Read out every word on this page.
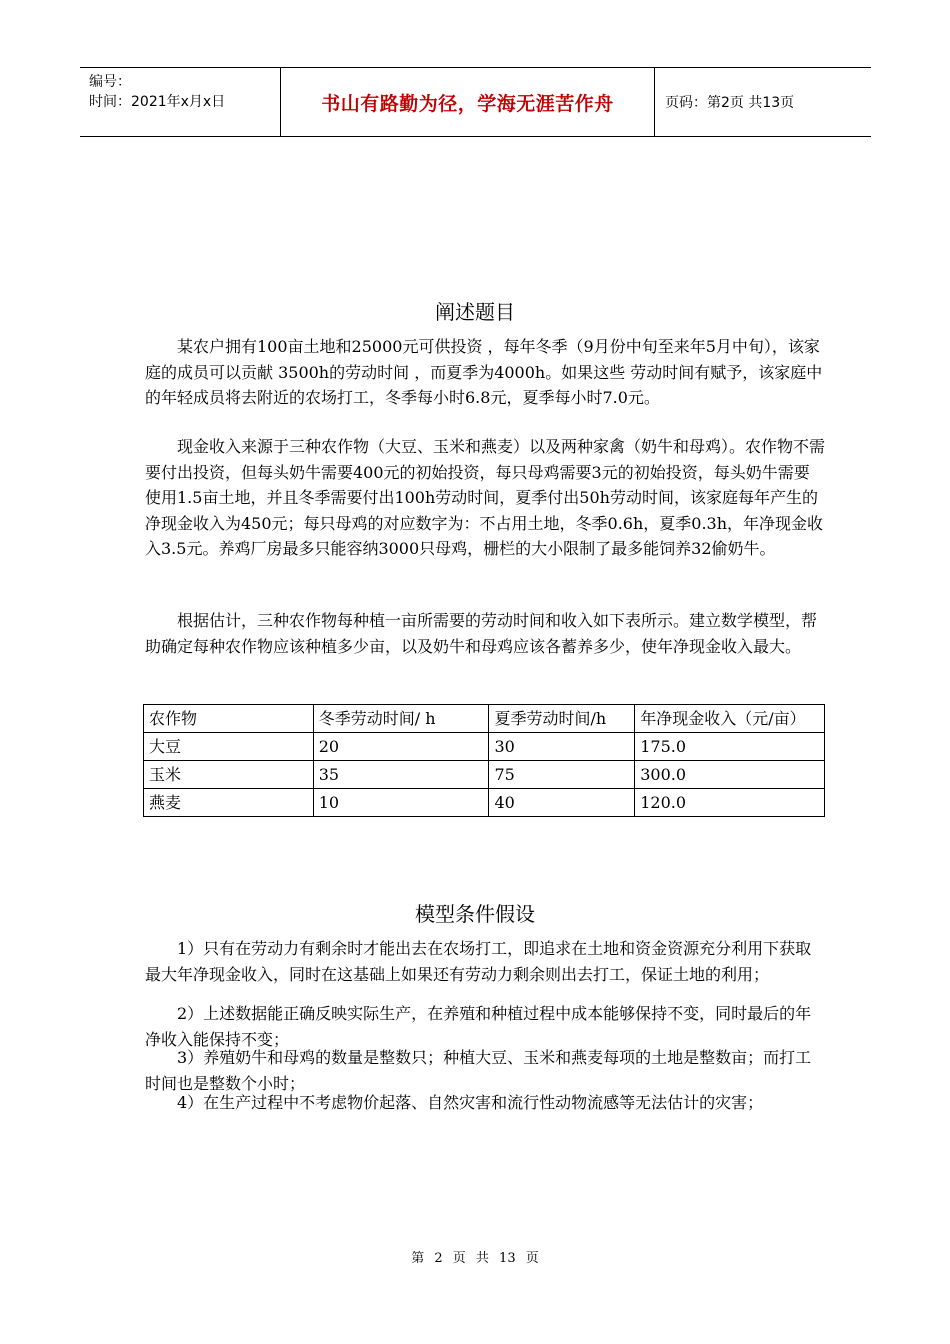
编号：
时间：2021年x月x日	书山有路勤为径，学海无涯苦作舟	页码：第2页 共13页
阐述题目

某农户拥有100亩土地和25000元可供投资 ，每年冬季（9月份中旬至来年5月中旬），该家庭的成员可以贡献 3500h的劳动时间 ，而夏季为4000h。如果这些 劳动时间有赋予，该家庭中 的年轻成员将去附近的农场打工，冬季每小时6.8元，夏季每小时7.0元。

现金收入来源于三种农作物（大豆、玉米和燕麦）以及两种家禽（奶牛和母鸡）。农作物不需要付出投资，但每头奶牛需要400元的初始投资，每只母鸡需要3元的初始投资，每头奶牛需要使用1.5亩土地，并且冬季需要付出100h劳动时间，夏季付出50h劳动时间，该家庭每年产生的净现金收入为450元；每只母鸡的对应数字为：不占用土地，冬季0.6h，夏季0.3h，年净现金收入3.5元。养鸡厂房最多只能容纳3000只母鸡，栅栏的大小限制了最多能饲养32偷奶牛。

根据估计，三种农作物每种植一亩所需要的劳动时间和收入如下表所示。建立数学模型，帮助确定每种农作物应该种植多少亩，以及奶牛和母鸡应该各蓄养多少，使年净现金收入最大。

农作物	冬季劳动时间/ h	夏季劳动时间/h	年净现金收入（元/亩）
大豆	20	30	175.0
玉米	35	75	300.0
燕麦	10	40	120.0
模型条件假设

1）只有在劳动力有剩余时才能出去在农场打工，即追求在土地和资金资源充分利用下获取最大年净现金收入，同时在这基础上如果还有劳动力剩余则出去打工，保证土地的利用；

2）上述数据能正确反映实际生产，在养殖和种植过程中成本能够保持不变，同时最后的年净收入能保持不变；

3）养殖奶牛和母鸡的数量是整数只；种植大豆、玉米和燕麦每项的土地是整数亩；而打工时间也是整数个小时；

4）在生产过程中不考虑物价起落、自然灾害和流行性动物流感等无法估计的灾害；

第 2 页 共 13 页
